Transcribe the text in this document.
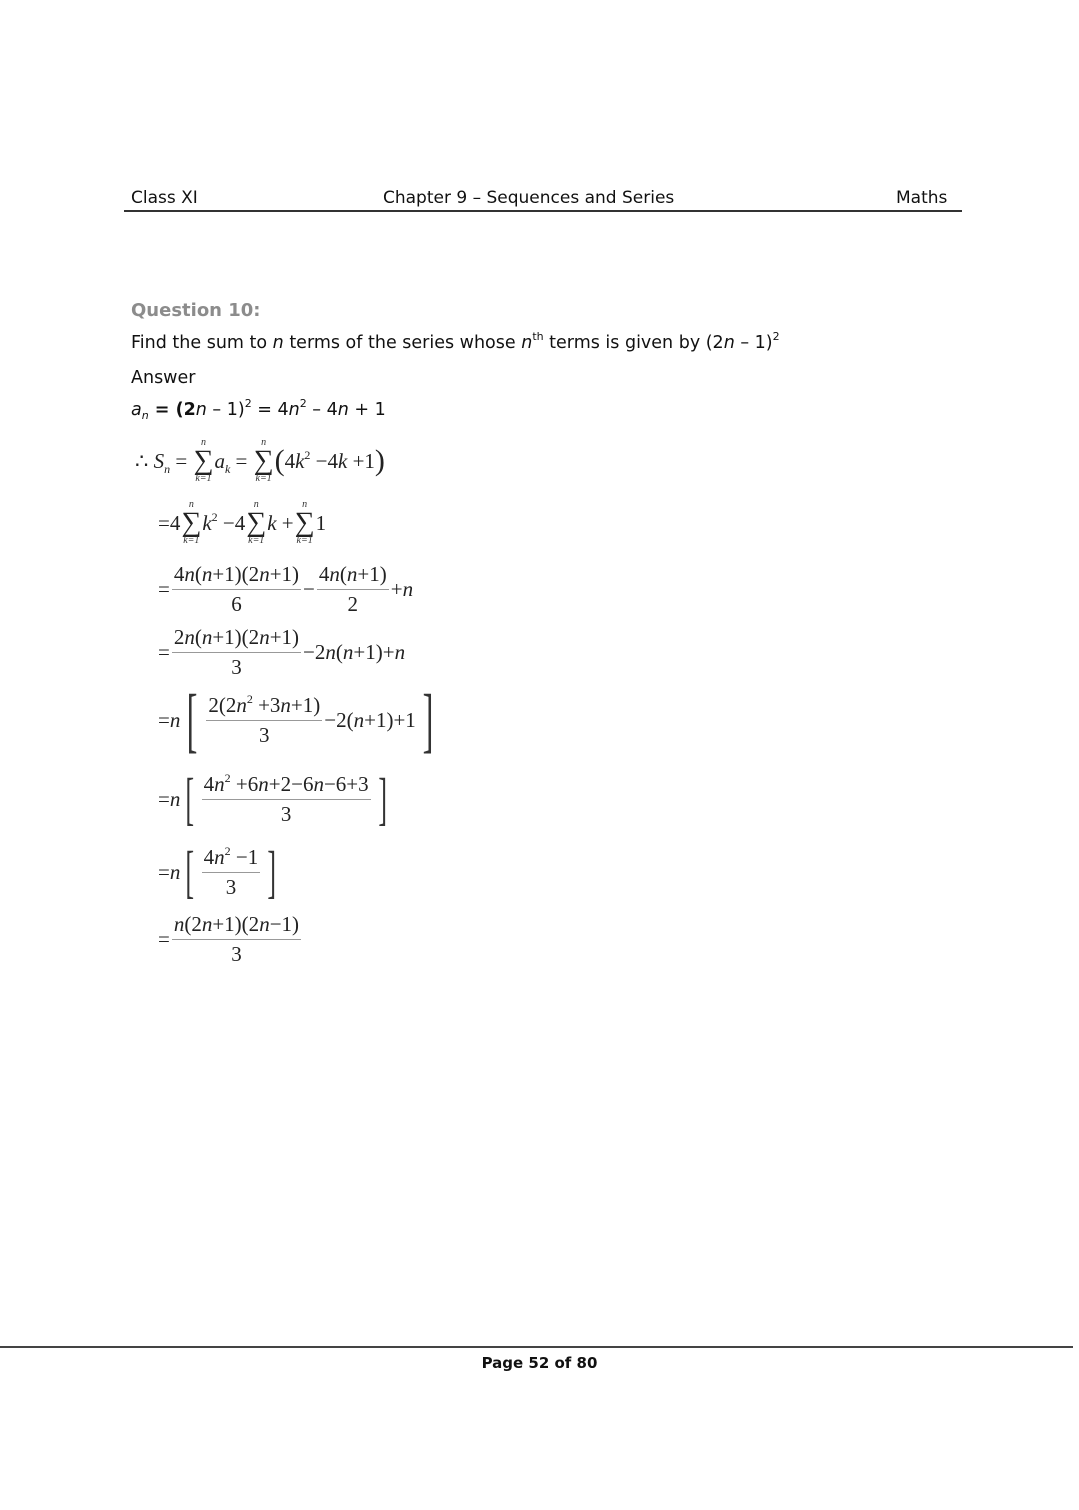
Class XI	Chapter 9 – Sequences and Series	Maths
Question 10:
Find the sum to n terms of the series whose $n^{th}$ terms is given by (2n – 1)$^2$
Answer
$a_n = (2n - 1)^2 = 4n^2 - 4n + 1$
∴ $S_n$ =
n
∑
k=1
$a_k$ =
n
∑
k=1
( $4k^2 -4k +1$ )
=4
n
∑
k=1
$k^2 -4$
n
∑
k=1
k +
n
∑
k=1
1
= $\frac{4n(n+1)(2n+1)}{6} - \frac{4n(n+1)}{2} +n$
= $\frac{2n(n+1)(2n+1)}{3} -2n(n+1)+n$
=n [ $\frac{2(2n^2 +3n+1)}{3} -2(n+1)+1$ ]
=n [ $\frac{4n^2 +6n+2-6n-6+3}{3}$ ]
=n [ $\frac{4n^2 -1}{3}$ ]
= $\frac{n(2n+1)(2n-1)}{3}$
Page 52 of 80
